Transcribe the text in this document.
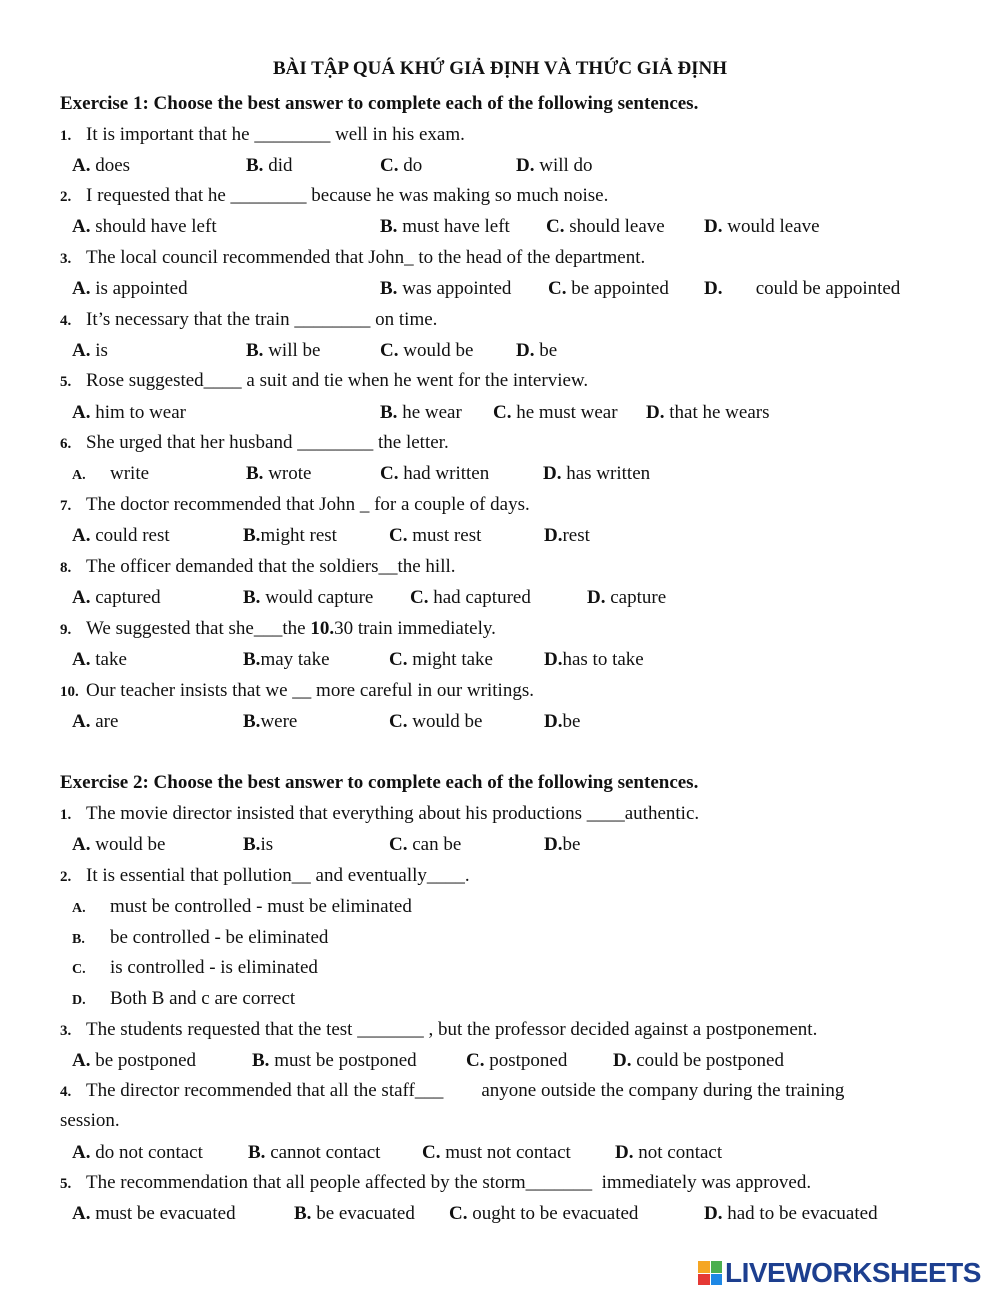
BÀI TẬP QUÁ KHỨ GIẢ ĐỊNH VÀ THỨC GIẢ ĐỊNH
Exercise 1: Choose the best answer to complete each of the following sentences.
1. It is important that he ________ well in his exam.
A. does	B. did	C. do	D. will do
2. I requested that he ________ because he was making so much noise.
A. should have left	B. must have left C. should leave D. would leave
3. The local council recommended that John_ to the head of the department.
A. is appointed	B. was appointed C. be appointed D.       could be appointed
4. It’s necessary that the train ________ on time.
A. is	B. will be	C. would be D. be
5. Rose suggested____ a suit and tie when he went for the interview.
A. him to wear	B. he wear C. he must wear D. that he wears
6. She urged that her husband ________ the letter.
A. write	B. wrote	C. had written	D. has written
7. The doctor recommended that John _ for a couple of days.
A. could rest	B.might rest	C. must rest	D.rest
8. The officer demanded that the soldiers__the hill.
A. captured	B. would capture C. had captured	D. capture
9. We suggested that she___the 10.30 train immediately.
A. take	B.may take	C. might take	D.has to take
10. Our teacher insists that we __ more careful in our writings.
A. are	B.were	C. would be	D.be
Exercise 2: Choose the best answer to complete each of the following sentences.
1. The movie director insisted that everything about his productions ____authentic.
A. would be	B.is	C. can be	D.be
2. It is essential that pollution__ and eventually____.
A. must be controlled - must be eliminated
B. be controlled - be eliminated
C. is controlled - is eliminated
D. Both B and c are correct
3. The students requested that the test _______ , but the professor decided against a postponement.
A. be postponed	B. must be postponed	C. postponed D. could be postponed
4. The director recommended that all the staff___        anyone outside the company during the training
session.
A. do not contact B. cannot contact C. must not contact D. not contact
5. The recommendation that all people affected by the storm_______  immediately was approved.
A. must be evacuated	B. be evacuated C. ought to be evacuated	D. had to be evacuated
LIVEWORKSHEETS
